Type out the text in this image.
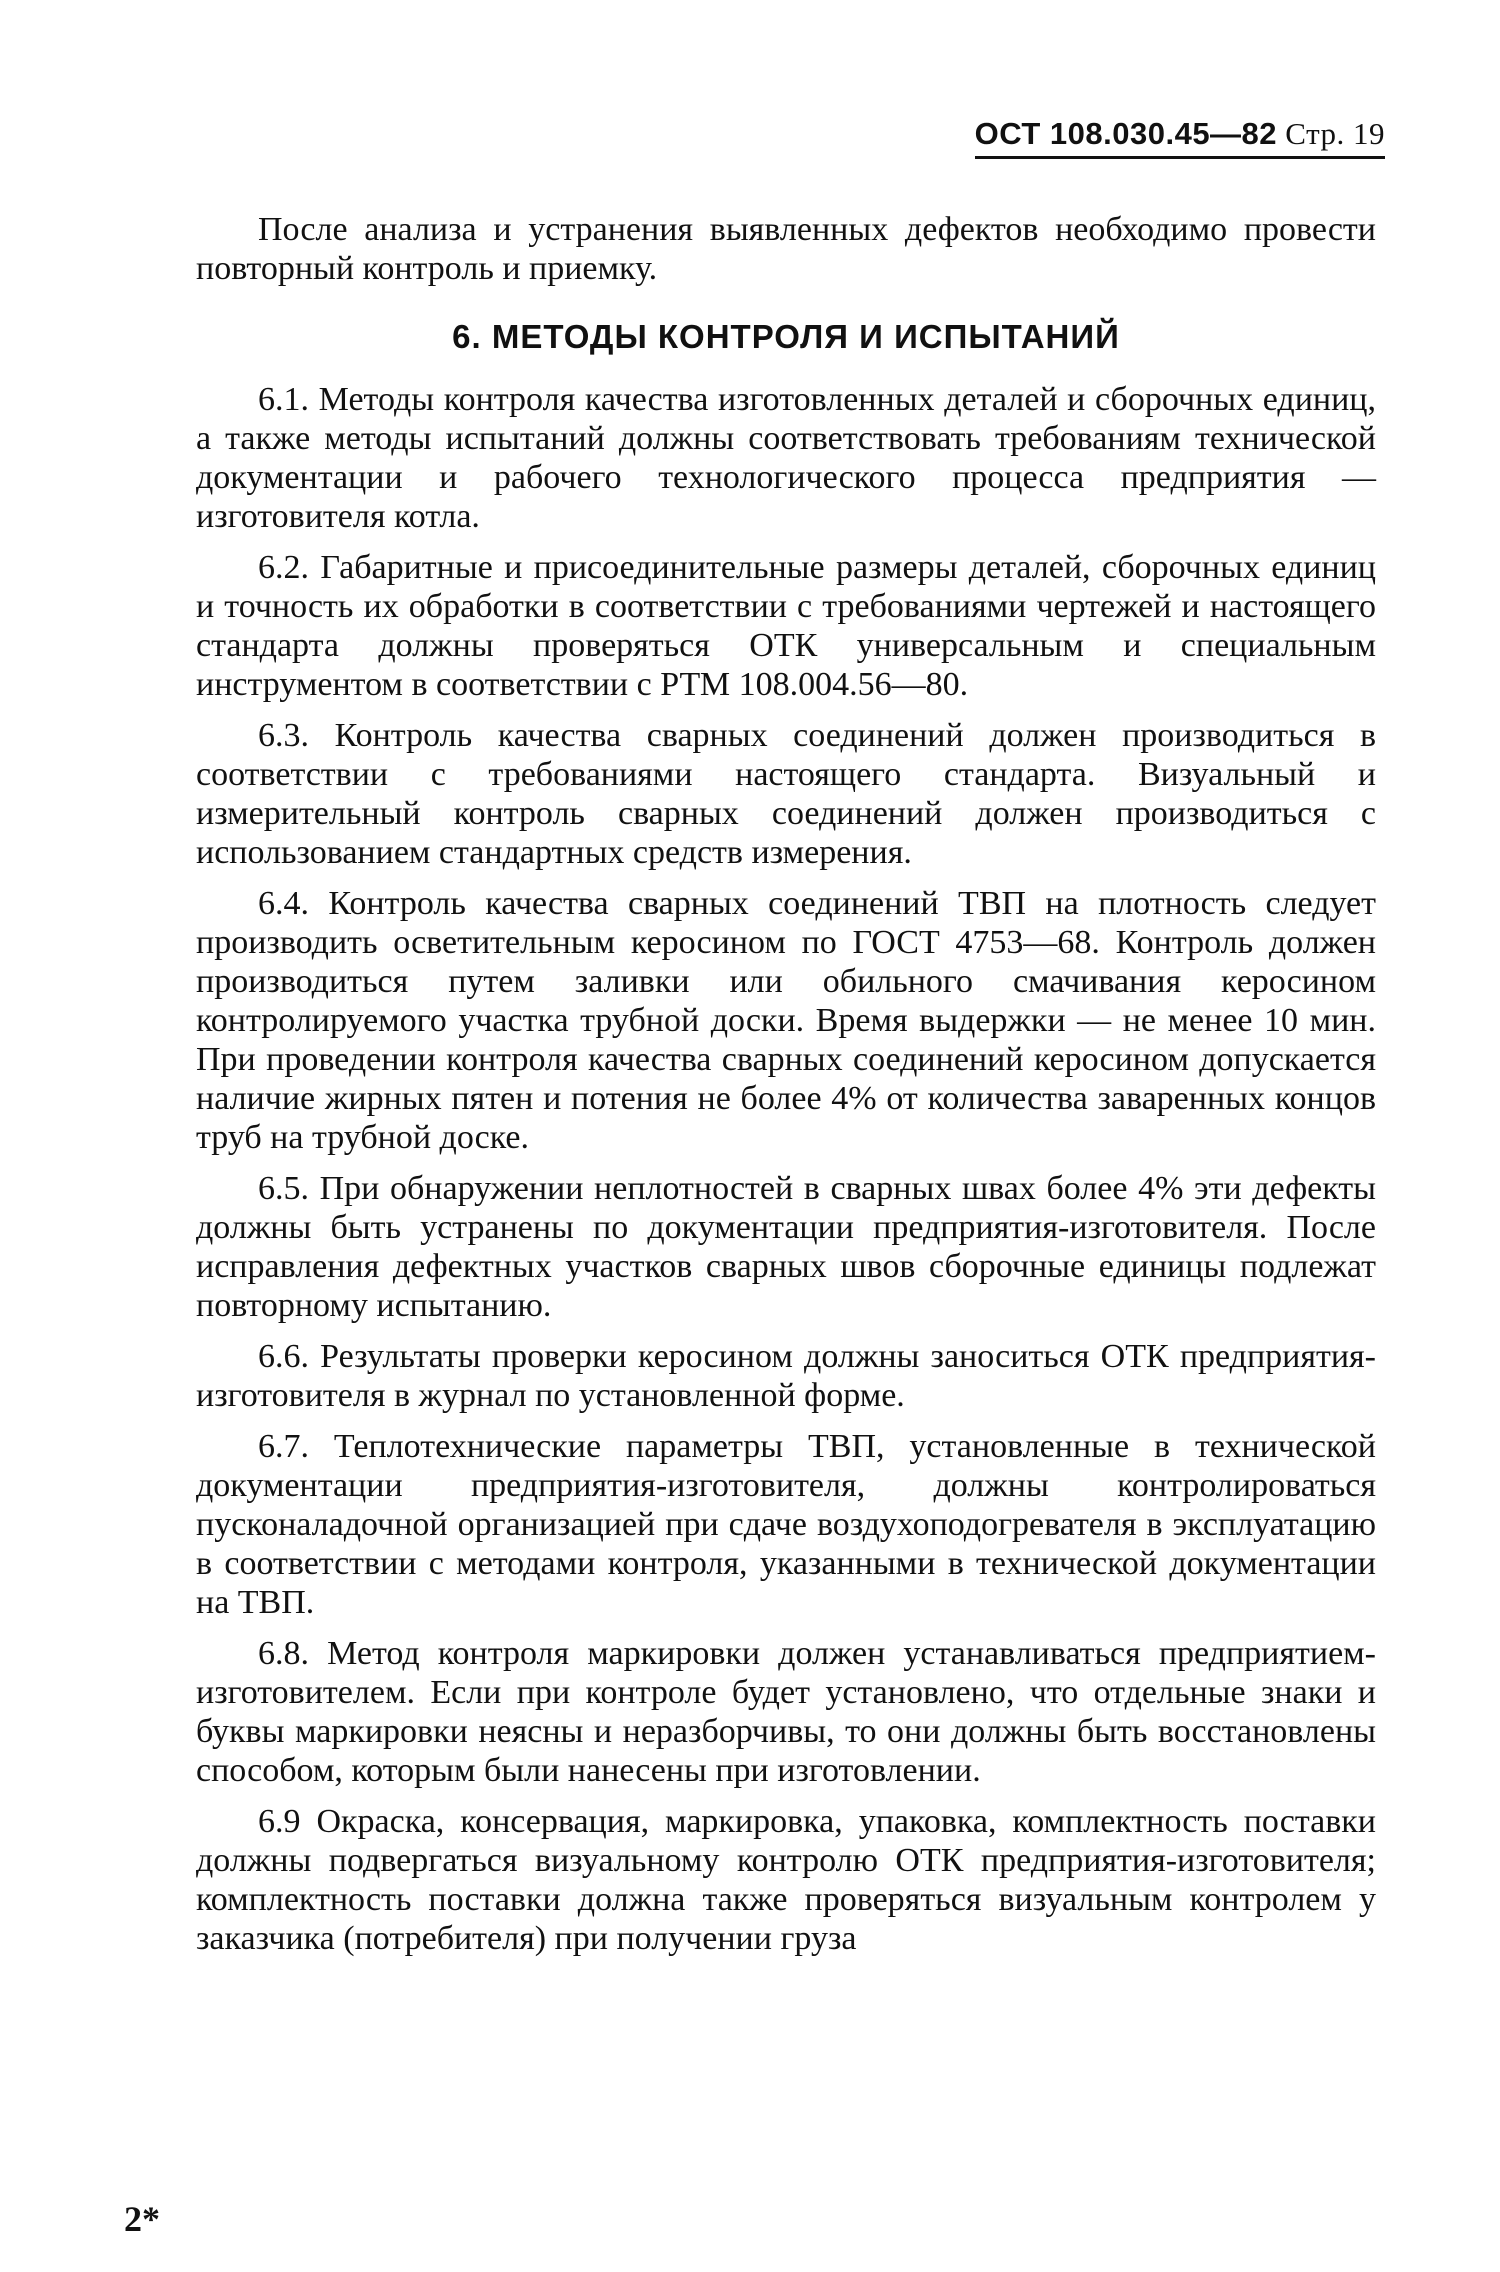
ОСТ 108.030.45—82 Стр. 19

После анализа и устранения выявленных дефектов необходимо провести повторный контроль и приемку.

6. МЕТОДЫ КОНТРОЛЯ И ИСПЫТАНИЙ

6.1. Методы контроля качества изготовленных деталей и сборочных единиц, а также методы испытаний должны соответствовать требованиям технической документации и рабочего технологического процесса предприятия — изготовителя котла.

6.2. Габаритные и присоединительные размеры деталей, сборочных единиц и точность их обработки в соответствии с требованиями чертежей и настоящего стандарта должны проверяться ОТК универсальным и специальным инструментом в соответствии с РТМ 108.004.56—80.

6.3. Контроль качества сварных соединений должен производиться в соответствии с требованиями настоящего стандарта. Визуальный и измерительный контроль сварных соединений должен производиться с использованием стандартных средств измерения.

6.4. Контроль качества сварных соединений ТВП на плотность следует производить осветительным керосином по ГОСТ 4753—68. Контроль должен производиться путем заливки или обильного смачивания керосином контролируемого участка трубной доски. Время выдержки — не менее 10 мин. При проведении контроля качества сварных соединений керосином допускается наличие жирных пятен и потения не более 4% от количества заваренных концов труб на трубной доске.

6.5. При обнаружении неплотностей в сварных швах более 4% эти дефекты должны быть устранены по документации предприятия-изготовителя. После исправления дефектных участков сварных швов сборочные единицы подлежат повторному испытанию.

6.6. Результаты проверки керосином должны заноситься ОТК предприятия-изготовителя в журнал по установленной форме.

6.7. Теплотехнические параметры ТВП, установленные в технической документации предприятия-изготовителя, должны контролироваться пусконаладочной организацией при сдаче воздухоподогревателя в эксплуатацию в соответствии с методами контроля, указанными в технической документации на ТВП.

6.8. Метод контроля маркировки должен устанавливаться предприятием-изготовителем. Если при контроле будет установлено, что отдельные знаки и буквы маркировки неясны и неразборчивы, то они должны быть восстановлены способом, которым были нанесены при изготовлении.

6.9 Окраска, консервация, маркировка, упаковка, комплектность поставки должны подвергаться визуальному контролю ОТК предприятия-изготовителя; комплектность поставки должна также проверяться визуальным контролем у заказчика (потребителя) при получении груза

2*
